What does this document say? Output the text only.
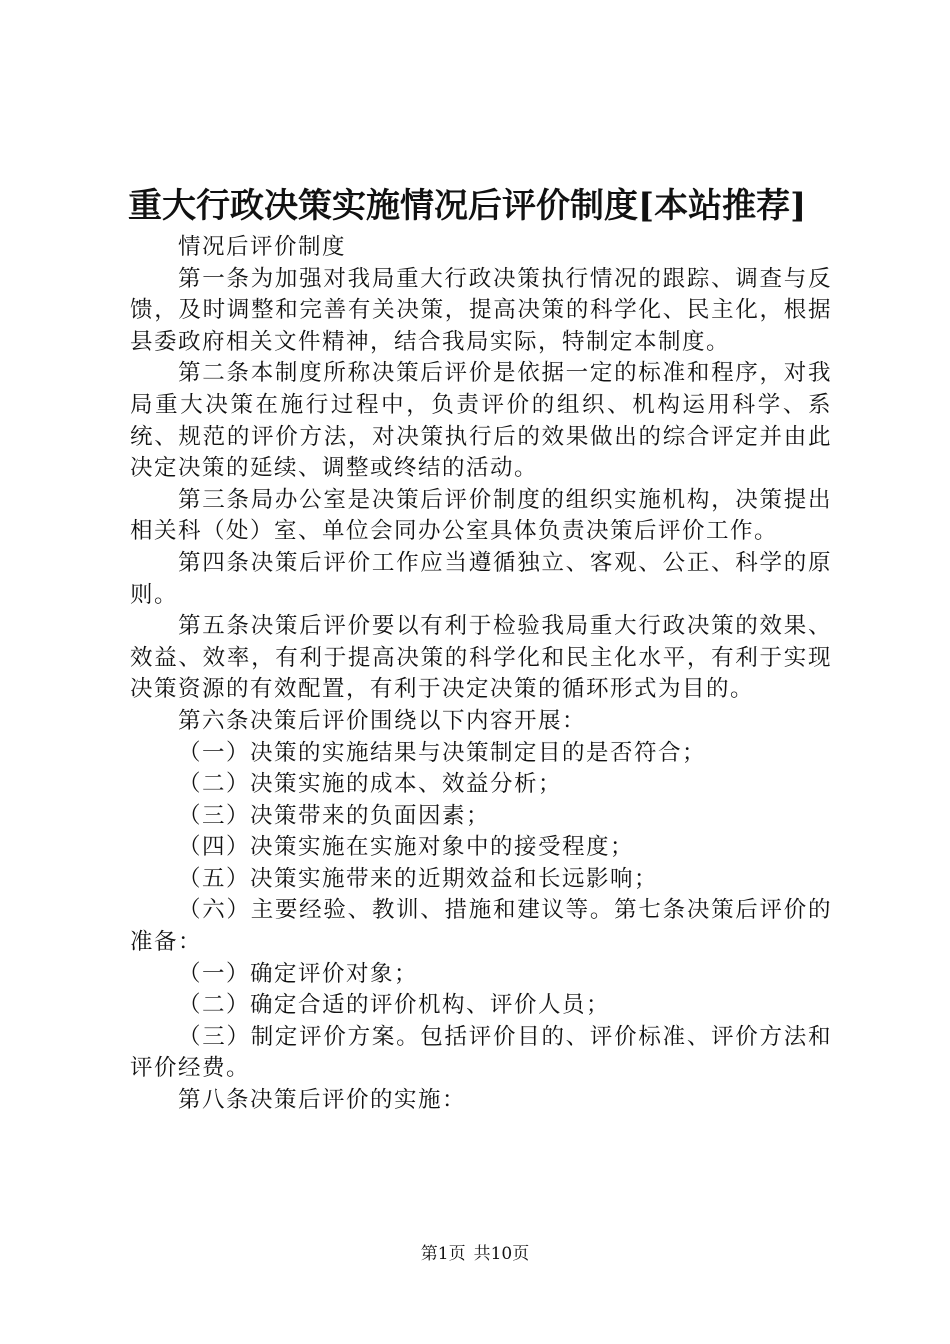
重大行政决策实施情况后评价制度[本站推荐]

情况后评价制度

第一条为加强对我局重大行政决策执行情况的跟踪、调查与反馈，及时调整和完善有关决策，提高决策的科学化、民主化，根据县委政府相关文件精神，结合我局实际，特制定本制度。

第二条本制度所称决策后评价是依据一定的标准和程序，对我局重大决策在施行过程中，负责评价的组织、机构运用科学、系统、规范的评价方法，对决策执行后的效果做出的综合评定并由此决定决策的延续、调整或终结的活动。

第三条局办公室是决策后评价制度的组织实施机构，决策提出相关科（处）室、单位会同办公室具体负责决策后评价工作。

第四条决策后评价工作应当遵循独立、客观、公正、科学的原则。

第五条决策后评价要以有利于检验我局重大行政决策的效果、效益、效率，有利于提高决策的科学化和民主化水平，有利于实现决策资源的有效配置，有利于决定决策的循环形式为目的。

第六条决策后评价围绕以下内容开展：

（一）决策的实施结果与决策制定目的是否符合；

（二）决策实施的成本、效益分析；

（三）决策带来的负面因素；

（四）决策实施在实施对象中的接受程度；

（五）决策实施带来的近期效益和长远影响；

（六）主要经验、教训、措施和建议等。第七条决策后评价的准备：

（一）确定评价对象；

（二）确定合适的评价机构、评价人员；

（三）制定评价方案。包括评价目的、评价标准、评价方法和评价经费。

第八条决策后评价的实施：

第1页 共10页
